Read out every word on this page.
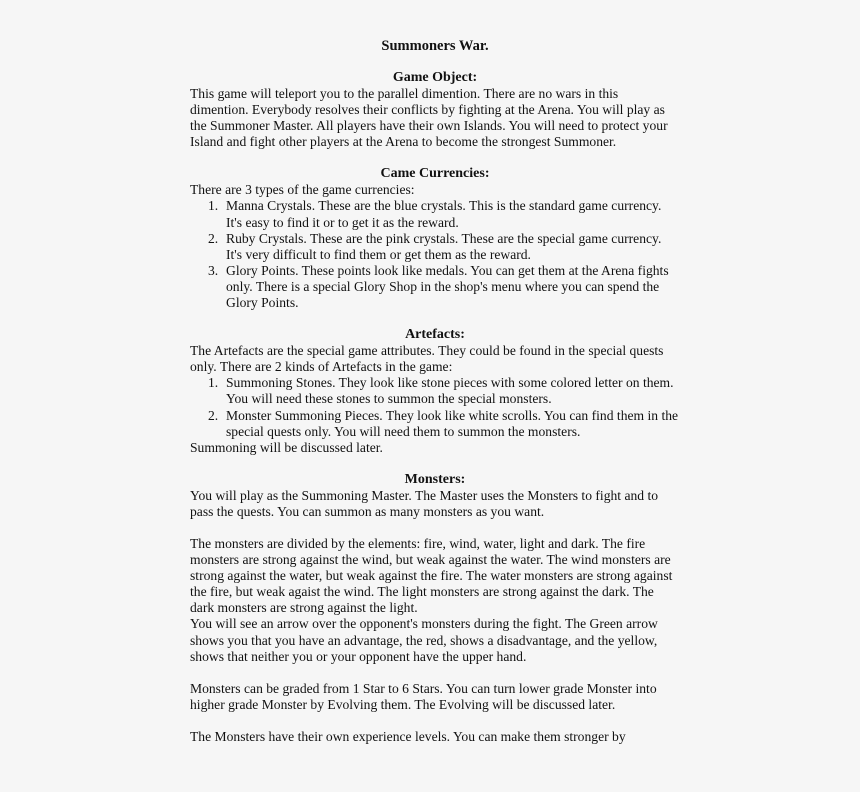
Summoners War.
Game Object:

This game will teleport you to the parallel dimention. There are no wars in this dimention. Everybody resolves their conflicts by fighting at the Arena. You will play as the Summoner Master. All players have their own Islands. You will need to protect your Island and fight other players at the Arena to become the strongest Summoner.

Came Currencies:

There are 3 types of the game currencies:

1. Manna Crystals. These are the blue crystals. This is the standard game currency. It's easy to find it or to get it as the reward.
2. Ruby Crystals. These are the pink crystals. These are the special game currency. It's very difficult to find them or get them as the reward.
3. Glory Points. These points look like medals. You can get them at the Arena fights only. There is a special Glory Shop in the shop's menu where you can spend the Glory Points.
Artefacts:

The Artefacts are the special game attributes. They could be found in the special quests only. There are 2 kinds of Artefacts in the game:

1. Summoning Stones. They look like stone pieces with some colored letter on them. You will need these stones to summon the special monsters.
2. Monster Summoning Pieces. They look like white scrolls. You can find them in the special quests only. You will need them to summon the monsters.

Summoning will be discussed later.

Monsters:

You will play as the Summoning Master. The Master uses the Monsters to fight and to pass the quests. You can summon as many monsters as you want.

The monsters are divided by the elements: fire, wind, water, light and dark. The fire monsters are strong against the wind, but weak against the water. The wind monsters are strong against the water, but weak against the fire. The water monsters are strong against the fire, but weak agaist the wind. The light monsters are strong against the dark. The dark monsters are strong against the light.

You will see an arrow over the opponent's monsters during the fight. The Green arrow shows you that you have an advantage, the red, shows a disadvantage, and the yellow, shows that neither you or your opponent have the upper hand.

Monsters can be graded from 1 Star to 6 Stars. You can turn lower grade Monster into higher grade Monster by Evolving them. The Evolving will be discussed later.

The Monsters have their own experience levels. You can make them stronger by
